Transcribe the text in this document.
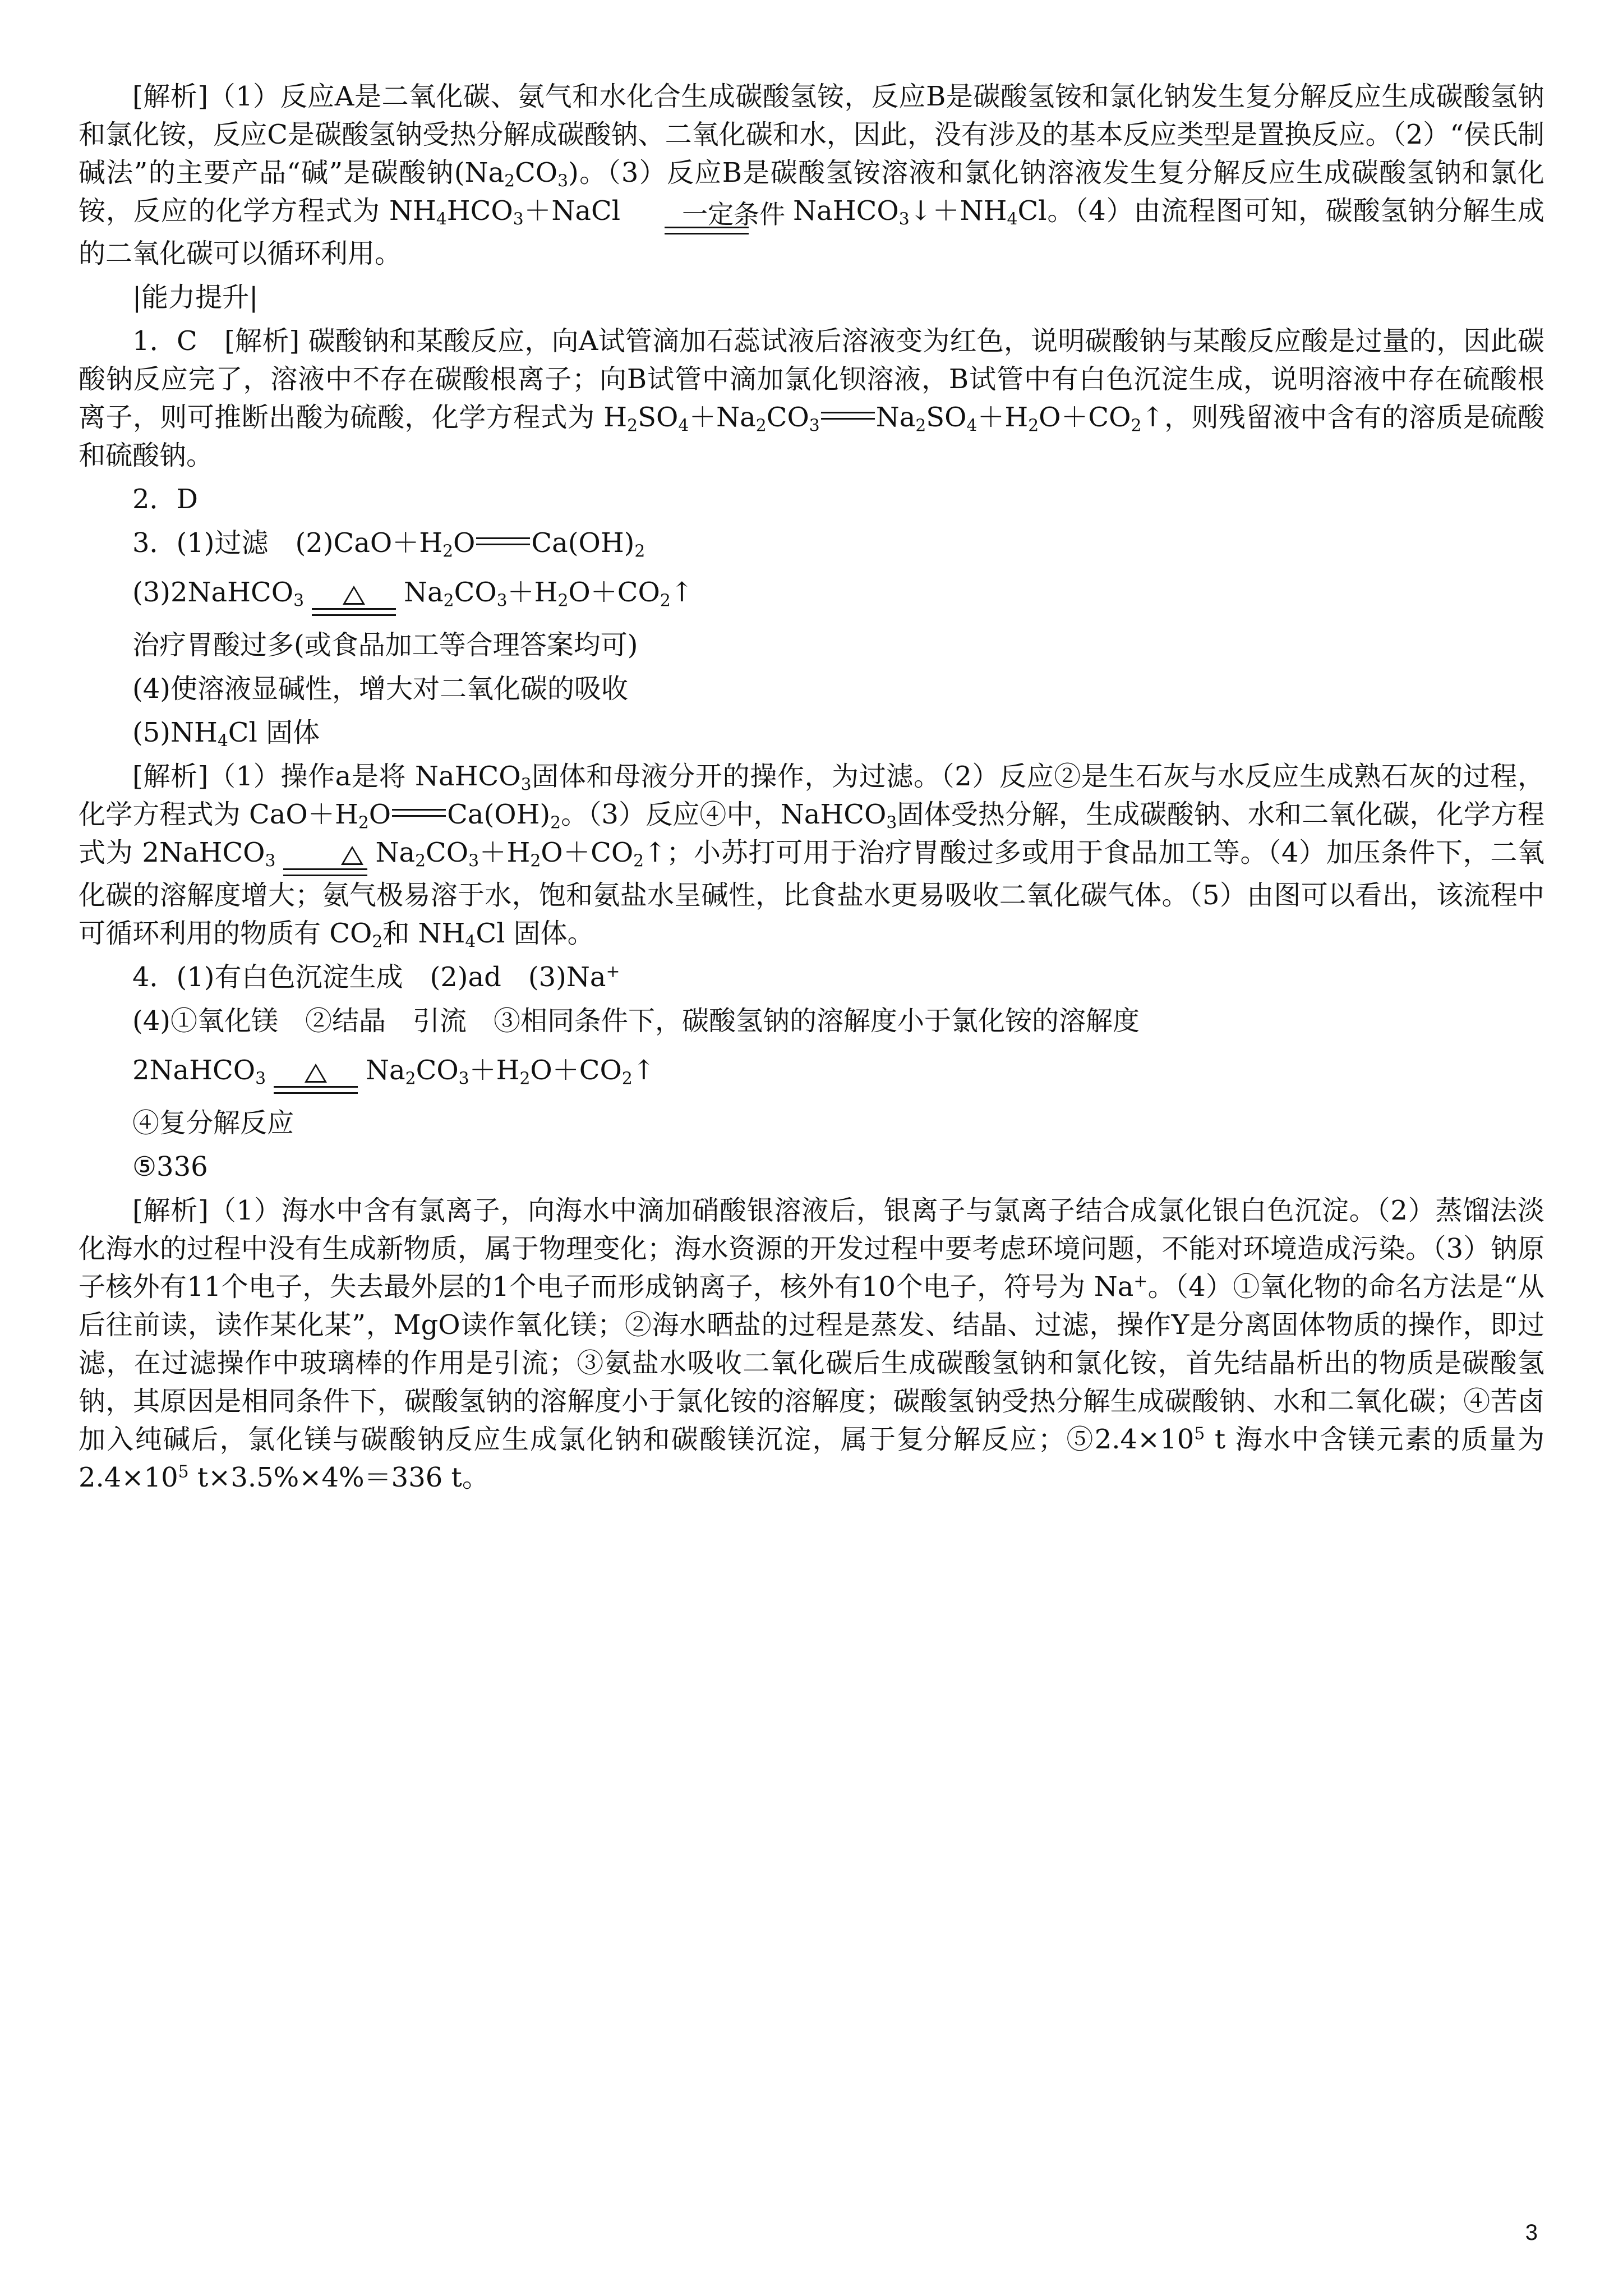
[解析]（1）反应A是二氧化碳、氨气和水化合生成碳酸氢铵，反应B是碳酸氢铵和氯化钠发生复分解反应生成碳酸氢钠和氯化铵，反应C是碳酸氢钠受热分解成碳酸钠、二氧化碳和水，因此，没有涉及的基本反应类型是置换反应。（2）“侯氏制碱法”的主要产品“碱”是碳酸钠$(Na_2CO_3)$。（3）反应B是碳酸氢铵溶液和氯化钠溶液发生复分解反应生成碳酸氢钠和氯化铵，反应的化学方程式为 $NH_4HCO_3+NaCl$	一定条件 $NaHCO_3↓+NH_4Cl$。（4）由流程图可知，碳酸氢钠分解生成的二氧化碳可以循环利用。

|能力提升|

1．C　[解析] 碳酸钠和某酸反应，向A试管滴加石蕊试液后溶液变为红色，说明碳酸钠与某酸反应酸是过量的，因此碳酸钠反应完了，溶液中不存在碳酸根离子；向B试管中滴加氯化钡溶液，B试管中有白色沉淀生成，说明溶液中存在硫酸根离子，则可推断出酸为硫酸，化学方程式为 $H_2SO_4+Na_2CO_3$ $Na_2SO_4+H_2O+CO_2↑$，则残留液中含有的溶质是硫酸和硫酸钠。

2．D

3．(1)过滤　$(2)CaO+H_2O$ $Ca(OH)_2$

(3)2NaHCO$_3$	$Na_2CO_3+H_2O+CO_2↑$

治疗胃酸过多(或食品加工等合理答案均可)

(4)使溶液显碱性，增大对二氧化碳的吸收

$(5)NH_4Cl$ 固体

[解析]（1）操作a是将 NaHCO$_3$固体和母液分开的操作，为过滤。（2）反应②是生石灰与水反应生成熟石灰的过程，化学方程式为 $CaO+H_2O$ $Ca(OH)_2$。（3）反应④中，NaHCO$_3$固体受热分解，生成碳酸钠、水和二氧化碳，化学方程式为 2NaHCO$_3$	$Na_2CO_3+H_2O+CO_2↑$；小苏打可用于治疗胃酸过多或用于食品加工等。（4）加压条件下，二氧化碳的溶解度增大；氨气极易溶于水，饱和氨盐水呈碱性，比食盐水更易吸收二氧化碳气体。（5）由图可以看出，该流程中可循环利用的物质有 $CO_2$和 $NH_4Cl$ 固体。

4．(1)有白色沉淀生成　(2)ad　(3)Na+

(4)①氧化镁　②结晶　引流　③相同条件下，碳酸氢钠的溶解度小于氯化铵的溶解度

2NaHCO$_3$	$Na_2CO_3+H_2O+CO_2↑$

④复分解反应

⑤336

[解析]（1）海水中含有氯离子，向海水中滴加硝酸银溶液后，银离子与氯离子结合成氯化银白色沉淀。（2）蒸馏法淡化海水的过程中没有生成新物质，属于物理变化；海水资源的开发过程中要考虑环境问题，不能对环境造成污染。（3）钠原子核外有11个电子，失去最外层的1个电子而形成钠离子，核外有10个电子，符号为 Na+。（4）①氧化物的命名方法是“从后往前读，读作某化某”，MgO读作氧化镁；②海水晒盐的过程是蒸发、结晶、过滤，操作Y是分离固体物质的操作，即过滤，在过滤操作中玻璃棒的作用是引流；③氨盐水吸收二氧化碳后生成碳酸氢钠和氯化铵，首先结晶析出的物质是碳酸氢钠，其原因是相同条件下，碳酸氢钠的溶解度小于氯化铵的溶解度；碳酸氢钠受热分解生成碳酸钠、水和二氧化碳；④苦卤加入纯碱后，氯化镁与碳酸钠反应生成氯化钠和碳酸镁沉淀，属于复分解反应；$⑤2.4\times 10^5$ t 海水中含镁元素的质量为 $2.4\times 10^5$ t×3.5%×4%＝336 t。

3
